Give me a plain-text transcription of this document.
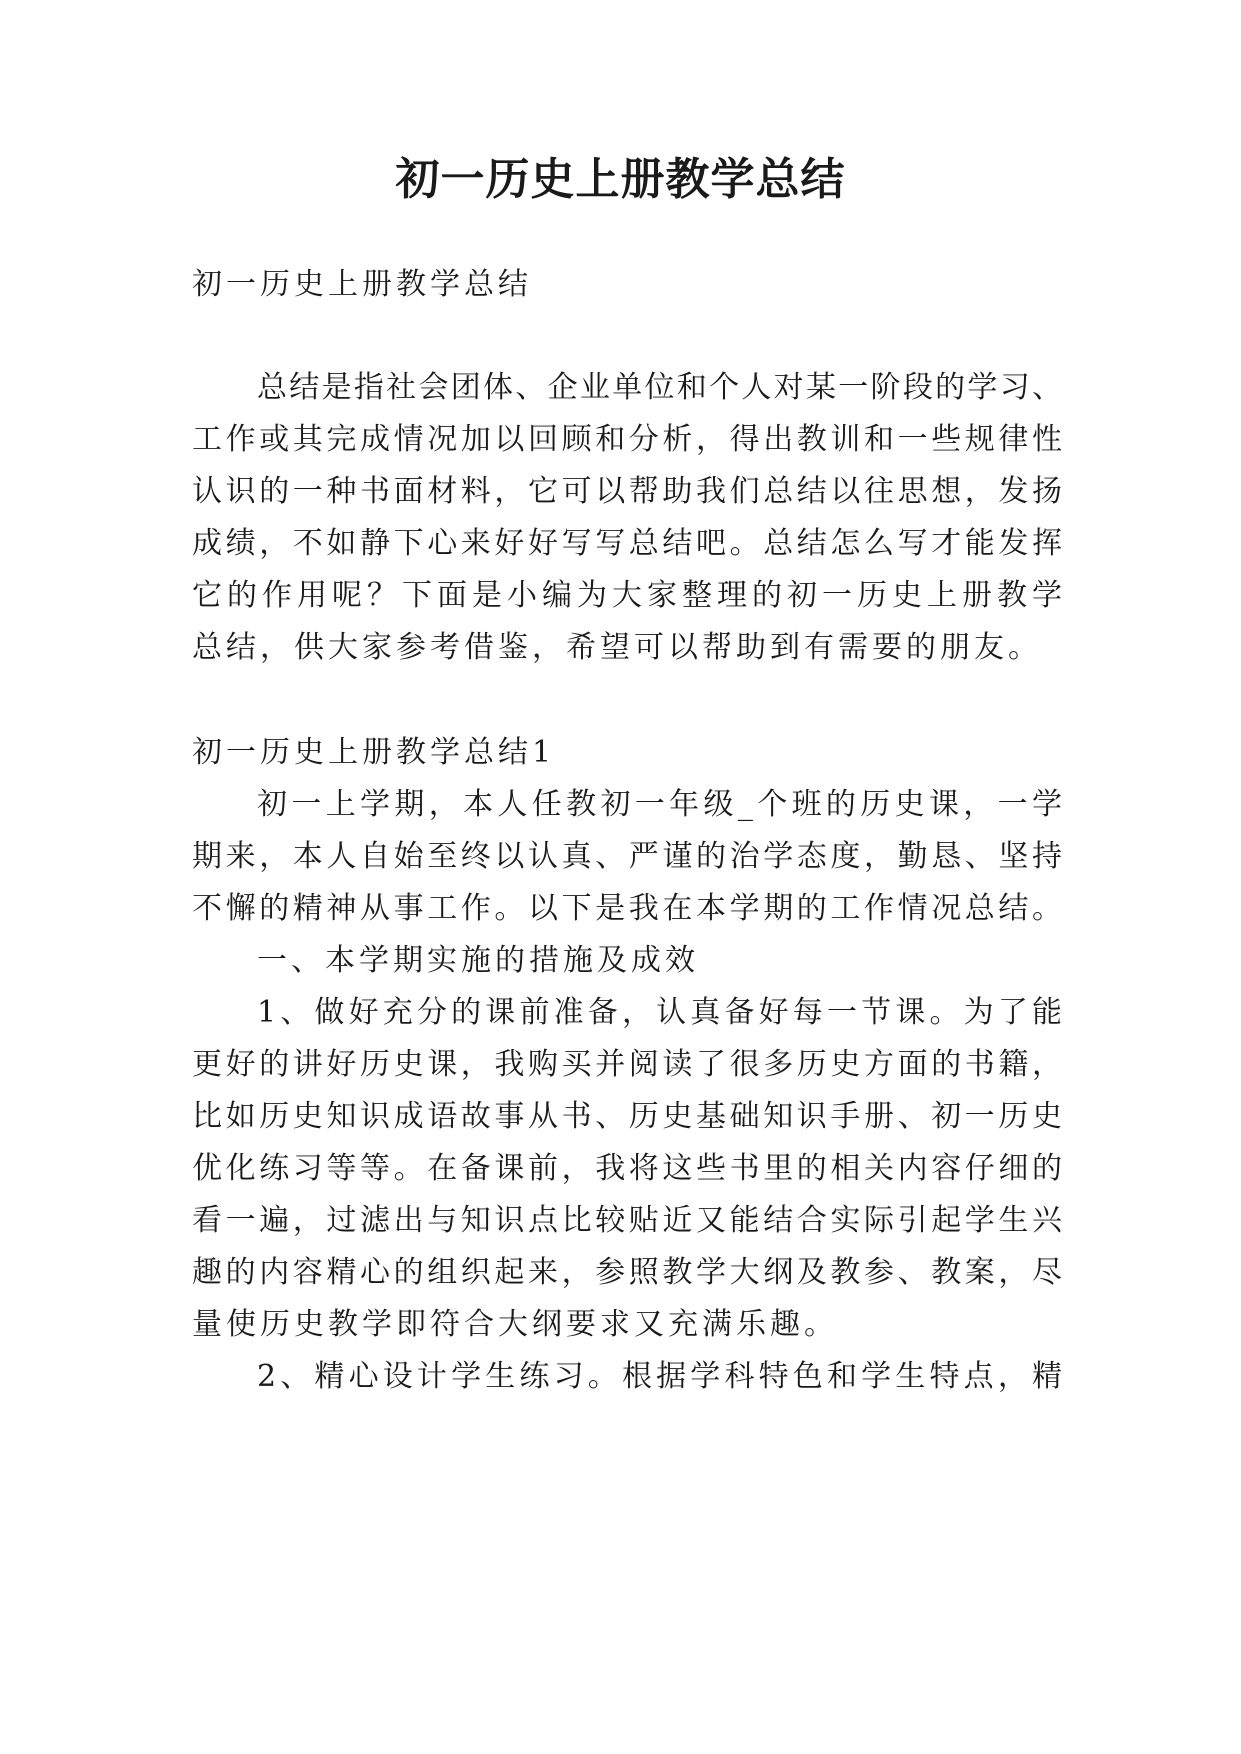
初一历史上册教学总结

初一历史上册教学总结

总结是指社会团体、企业单位和个人对某一阶段的学习、

工作或其完成情况加以回顾和分析，得出教训和一些规律性

认识的一种书面材料，它可以帮助我们总结以往思想，发扬

成绩，不如静下心来好好写写总结吧。总结怎么写才能发挥

它的作用呢？下面是小编为大家整理的初一历史上册教学

总结，供大家参考借鉴，希望可以帮助到有需要的朋友。

初一历史上册教学总结1

初一上学期，本人任教初一年级_个班的历史课，一学

期来，本人自始至终以认真、严谨的治学态度，勤恳、坚持

不懈的精神从事工作。以下是我在本学期的工作情况总结。

一、本学期实施的措施及成效

1、做好充分的课前准备，认真备好每一节课。为了能

更好的讲好历史课，我购买并阅读了很多历史方面的书籍，

比如历史知识成语故事从书、历史基础知识手册、初一历史

优化练习等等。在备课前，我将这些书里的相关内容仔细的

看一遍，过滤出与知识点比较贴近又能结合实际引起学生兴

趣的内容精心的组织起来，参照教学大纲及教参、教案，尽

量使历史教学即符合大纲要求又充满乐趣。

2、精心设计学生练习。根据学科特色和学生特点，精
